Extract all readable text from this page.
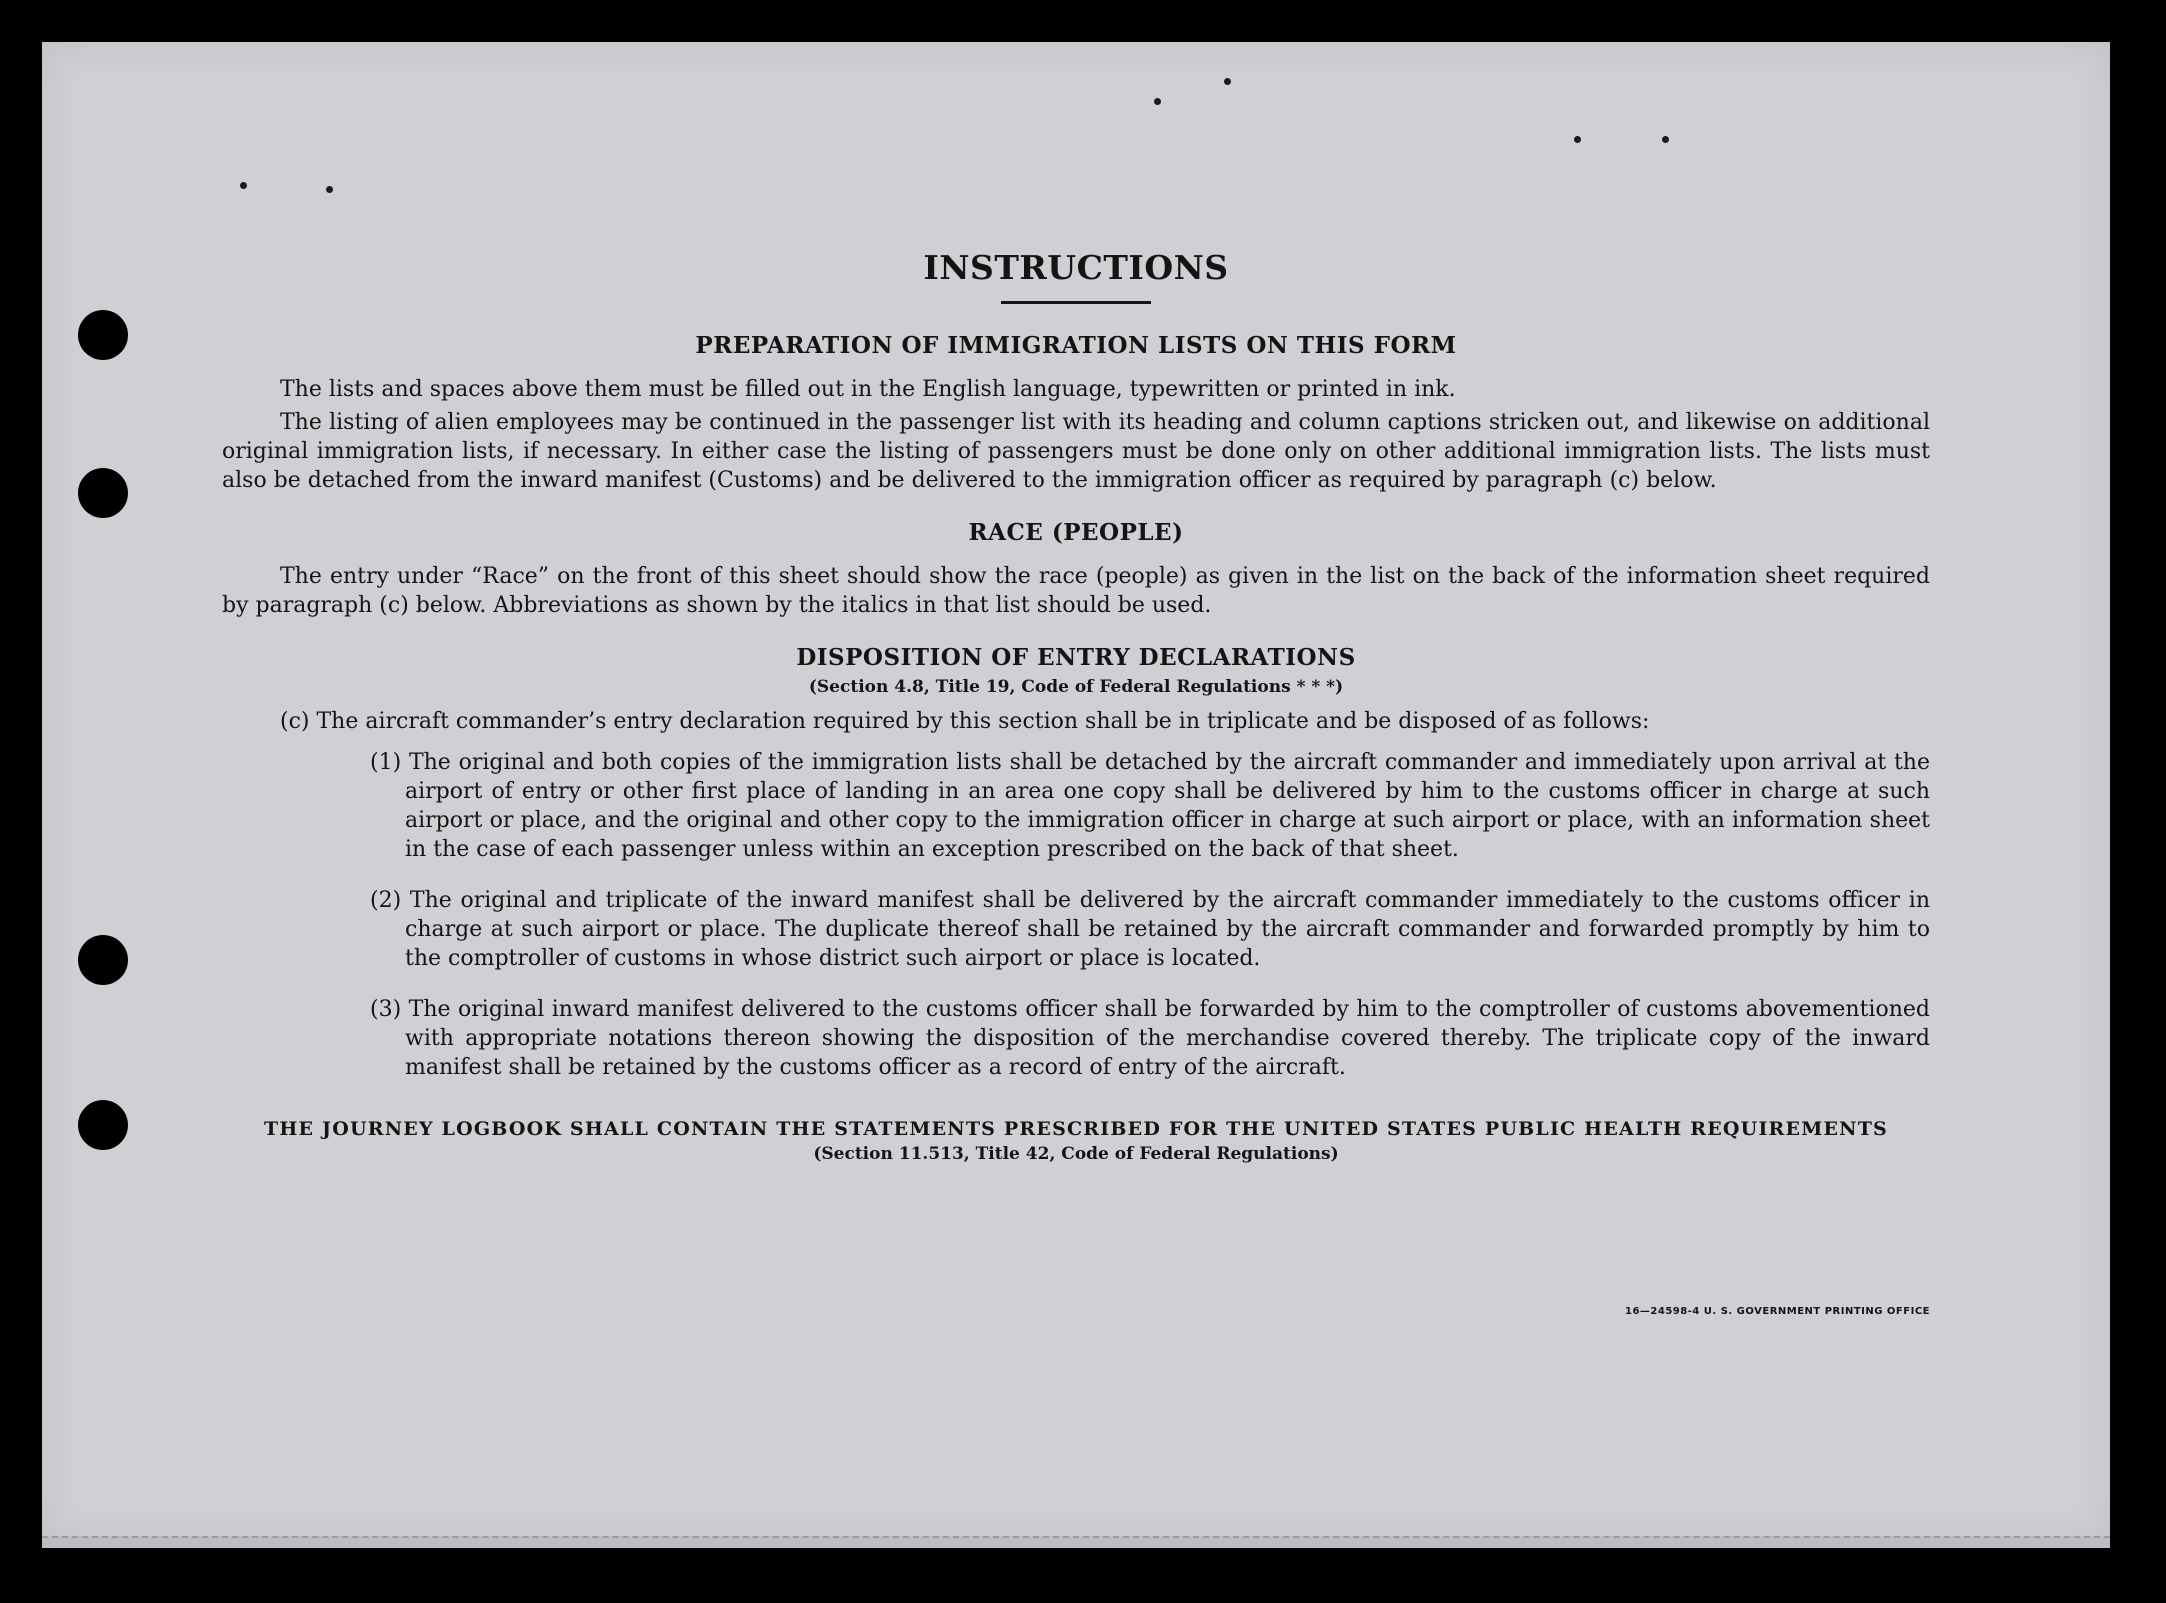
INSTRUCTIONS
PREPARATION OF IMMIGRATION LISTS ON THIS FORM

The lists and spaces above them must be filled out in the English language, typewritten or printed in ink.

The listing of alien employees may be continued in the passenger list with its heading and column captions stricken out, and likewise on additional original immigration lists, if necessary. In either case the listing of passengers must be done only on other additional immigration lists. The lists must also be detached from the inward manifest (Customs) and be delivered to the immigration officer as required by paragraph (c) below.

RACE (PEOPLE)

The entry under “Race” on the front of this sheet should show the race (people) as given in the list on the back of the information sheet required by paragraph (c) below. Abbreviations as shown by the italics in that list should be used.

DISPOSITION OF ENTRY DECLARATIONS

(Section 4.8, Title 19, Code of Federal Regulations * * *)

(c) The aircraft commander’s entry declaration required by this section shall be in triplicate and be disposed of as follows:

(1) The original and both copies of the immigration lists shall be detached by the aircraft commander and immediately upon arrival at the airport of entry or other first place of landing in an area one copy shall be delivered by him to the customs officer in charge at such airport or place, and the original and other copy to the immigration officer in charge at such airport or place, with an information sheet in the case of each passenger unless within an exception prescribed on the back of that sheet.

(2) The original and triplicate of the inward manifest shall be delivered by the aircraft commander immediately to the customs officer in charge at such airport or place. The duplicate thereof shall be retained by the aircraft commander and forwarded promptly by him to the comptroller of customs in whose district such airport or place is located.

(3) The original inward manifest delivered to the customs officer shall be forwarded by him to the comptroller of customs abovementioned with appropriate notations thereon showing the disposition of the merchandise covered thereby. The triplicate copy of the inward manifest shall be retained by the customs officer as a record of entry of the aircraft.

THE JOURNEY LOGBOOK SHALL CONTAIN THE STATEMENTS PRESCRIBED FOR THE UNITED STATES PUBLIC HEALTH REQUIREMENTS

(Section 11.513, Title 42, Code of Federal Regulations)

16—24598‑4 U. S. GOVERNMENT PRINTING OFFICE
